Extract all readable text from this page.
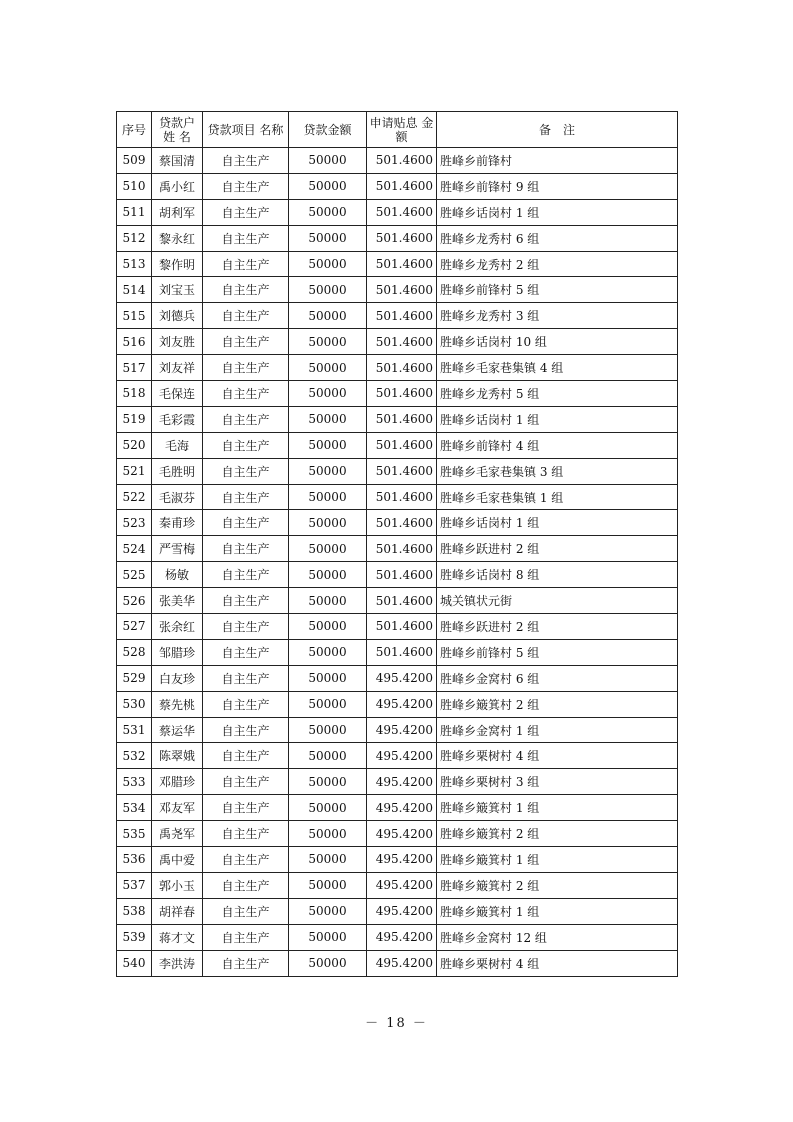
序号	贷款户 姓 名	贷款项目 名称	贷款金额	申请贴息 金额	备　注
509	蔡国清	自主生产	50000	501.4600	胜峰乡前锋村
510	禹小红	自主生产	50000	501.4600	胜峰乡前锋村 9 组
511	胡利军	自主生产	50000	501.4600	胜峰乡话岗村 1 组
512	黎永红	自主生产	50000	501.4600	胜峰乡龙秀村 6 组
513	黎作明	自主生产	50000	501.4600	胜峰乡龙秀村 2 组
514	刘宝玉	自主生产	50000	501.4600	胜峰乡前锋村 5 组
515	刘德兵	自主生产	50000	501.4600	胜峰乡龙秀村 3 组
516	刘友胜	自主生产	50000	501.4600	胜峰乡话岗村 10 组
517	刘友祥	自主生产	50000	501.4600	胜峰乡毛家巷集镇 4 组
518	毛保连	自主生产	50000	501.4600	胜峰乡龙秀村 5 组
519	毛彩霞	自主生产	50000	501.4600	胜峰乡话岗村 1 组
520	毛海	自主生产	50000	501.4600	胜峰乡前锋村 4 组
521	毛胜明	自主生产	50000	501.4600	胜峰乡毛家巷集镇 3 组
522	毛淑芬	自主生产	50000	501.4600	胜峰乡毛家巷集镇 1 组
523	秦甫珍	自主生产	50000	501.4600	胜峰乡话岗村 1 组
524	严雪梅	自主生产	50000	501.4600	胜峰乡跃进村 2 组
525	杨敏	自主生产	50000	501.4600	胜峰乡话岗村 8 组
526	张美华	自主生产	50000	501.4600	城关镇状元街
527	张余红	自主生产	50000	501.4600	胜峰乡跃进村 2 组
528	邹腊珍	自主生产	50000	501.4600	胜峰乡前锋村 5 组
529	白友珍	自主生产	50000	495.4200	胜峰乡金窝村 6 组
530	蔡先桃	自主生产	50000	495.4200	胜峰乡簸箕村 2 组
531	蔡运华	自主生产	50000	495.4200	胜峰乡金窝村 1 组
532	陈翠娥	自主生产	50000	495.4200	胜峰乡栗树村 4 组
533	邓腊珍	自主生产	50000	495.4200	胜峰乡栗树村 3 组
534	邓友军	自主生产	50000	495.4200	胜峰乡簸箕村 1 组
535	禹尧军	自主生产	50000	495.4200	胜峰乡簸箕村 2 组
536	禹中爱	自主生产	50000	495.4200	胜峰乡簸箕村 1 组
537	郭小玉	自主生产	50000	495.4200	胜峰乡簸箕村 2 组
538	胡祥春	自主生产	50000	495.4200	胜峰乡簸箕村 1 组
539	蒋才文	自主生产	50000	495.4200	胜峰乡金窝村 12 组
540	李洪涛	自主生产	50000	495.4200	胜峰乡栗树村 4 组
－ 18 －
